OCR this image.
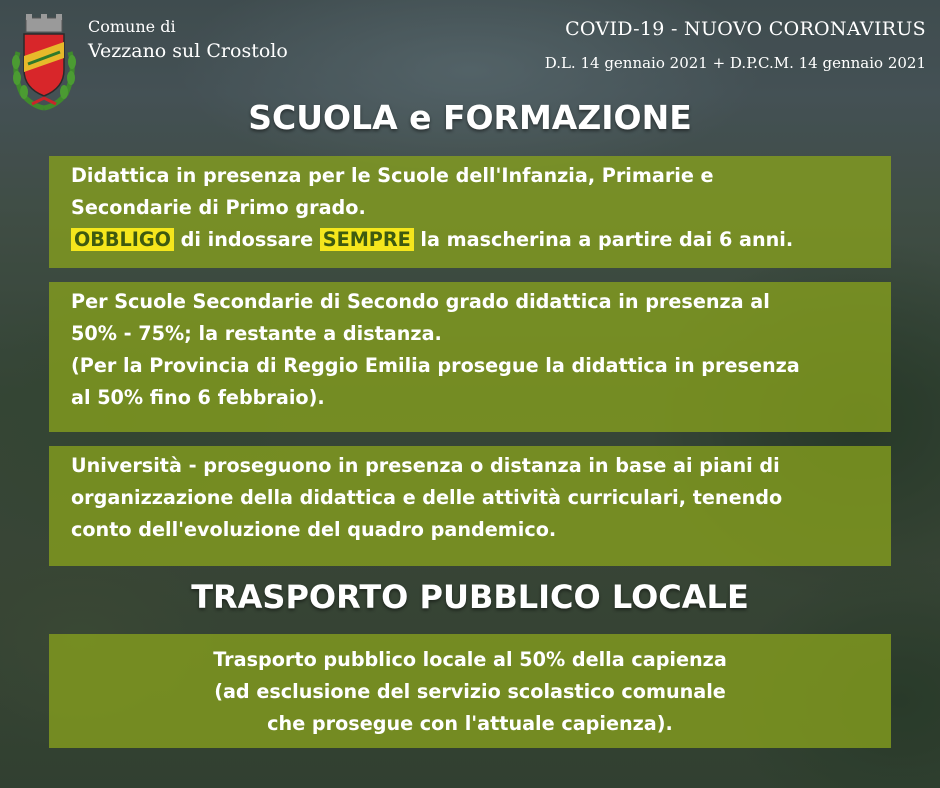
Comune di
Vezzano sul Crostolo
COVID-19 - NUOVO CORONAVIRUS
D.L. 14 gennaio 2021 + D.P.C.M. 14 gennaio 2021
SCUOLA e FORMAZIONE
Didattica in presenza per le Scuole dell'Infanzia, Primarie e
Secondarie di Primo grado.
OBBLIGO di indossare SEMPRE la mascherina a partire dai 6 anni.
Per Scuole Secondarie di Secondo grado didattica in presenza al
50% - 75%; la restante a distanza.
(Per la Provincia di Reggio Emilia prosegue la didattica in presenza
al 50% fino 6 febbraio).
Università - proseguono in presenza o distanza in base ai piani di
organizzazione della didattica e delle attività curriculari, tenendo
conto dell'evoluzione del quadro pandemico.
TRASPORTO PUBBLICO LOCALE
Trasporto pubblico locale al 50% della capienza
(ad esclusione del servizio scolastico comunale
che prosegue con l'attuale capienza).
